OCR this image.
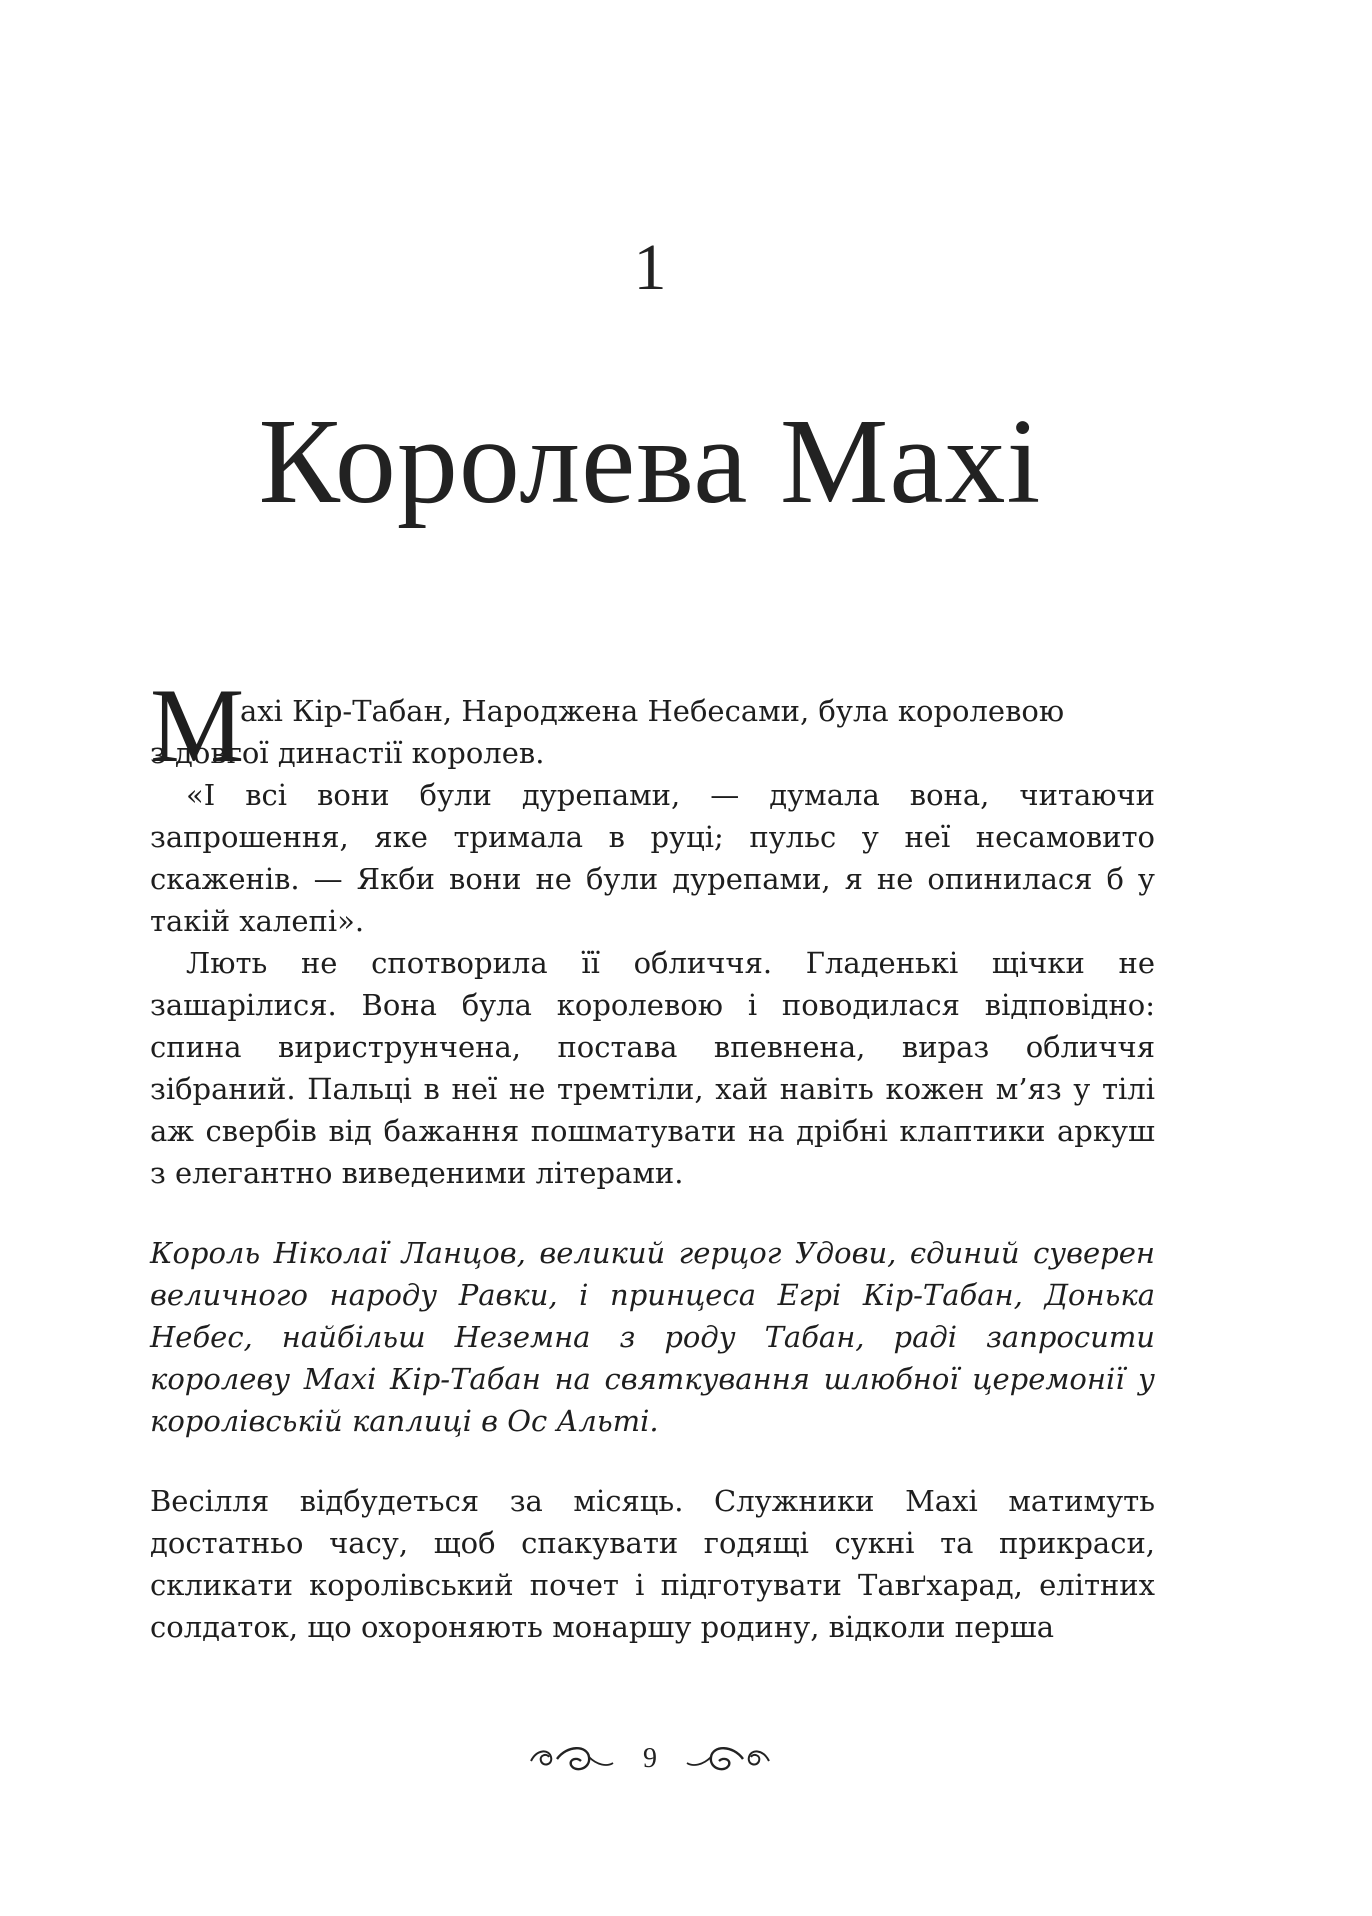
1
Королева Махі

М
ахі Кір-Табан, Народжена Небесами, була королевою
з довгої династії королев.

«І всі вони були дурепами, — думала вона, читаючи запрошення, яке тримала в руці; пульс у неї несамовито скаженів. — Якби вони не були дурепами, я не опинилася б у такій халепі».

Лють не спотворила її обличчя. Гладенькі щічки не зашарілися. Вона була королевою і поводилася відповідно: спина вириструнчена, постава впевнена, вираз обличчя зібраний. Пальці в неї не тремтіли, хай навіть кожен м’яз у тілі аж свербів від бажання пошматувати на дрібні клаптики аркуш з елегантно виведеними літерами.

Король Ніколаї Ланцов, великий герцог Удови, єдиний суверен величного народу Равки, і принцеса Егрі Кір-Табан, Донька Небес, найбільш Неземна з роду Табан, раді запросити королеву Махі Кір-Табан на святкування шлюбної церемонії у королівській каплиці в Ос Альті.

Весілля відбудеться за місяць. Служники Махі матимуть достатньо часу, щоб спакувати годящі сукні та прикраси, скликати королівський почет і підготувати Тавґхарад, елітних солдаток, що охороняють монаршу родину, відколи перша

9
